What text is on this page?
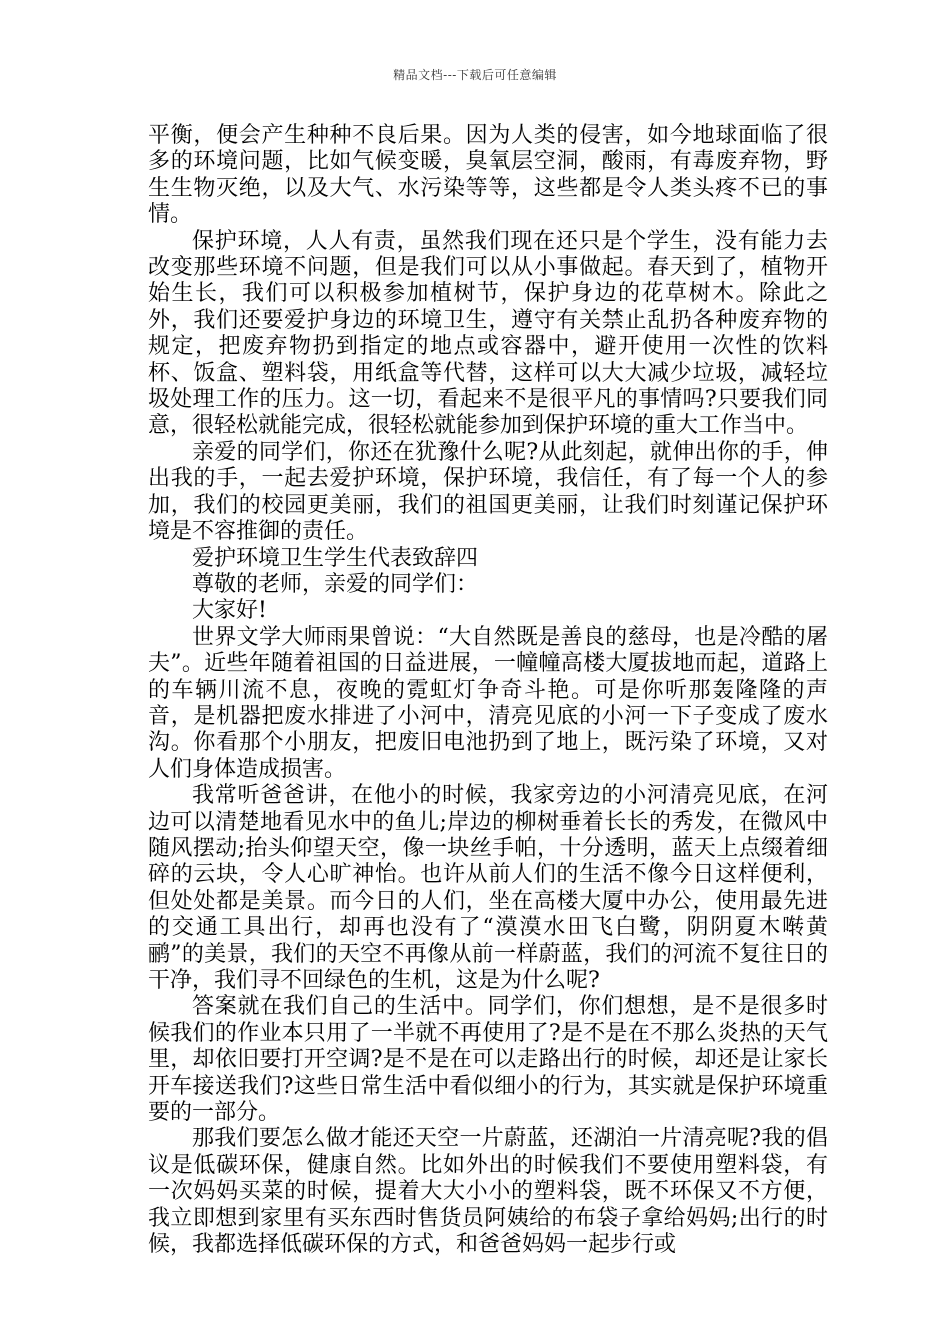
精品文档---下载后可任意编辑

平衡，便会产生种种不良后果。因为人类的侵害，如今地球面临了很多的环境问题，比如气候变暖，臭氧层空洞，酸雨，有毒废弃物，野生生物灭绝，以及大气、水污染等等，这些都是令人类头疼不已的事情。

保护环境，人人有责，虽然我们现在还只是个学生，没有能力去改变那些环境不问题，但是我们可以从小事做起。春天到了，植物开始生长，我们可以积极参加植树节，保护身边的花草树木。除此之外，我们还要爱护身边的环境卫生，遵守有关禁止乱扔各种废弃物的规定，把废弃物扔到指定的地点或容器中，避开使用一次性的饮料杯、饭盒、塑料袋，用纸盒等代替，这样可以大大减少垃圾，减轻垃圾处理工作的压力。这一切，看起来不是很平凡的事情吗?只要我们同意，很轻松就能完成，很轻松就能参加到保护环境的重大工作当中。

亲爱的同学们，你还在犹豫什么呢?从此刻起，就伸出你的手，伸出我的手，一起去爱护环境，保护环境，我信任，有了每一个人的参加，我们的校园更美丽，我们的祖国更美丽，让我们时刻谨记保护环境是不容推御的责任。

爱护环境卫生学生代表致辞四

尊敬的老师，亲爱的同学们：

大家好!

世界文学大师雨果曾说：“大自然既是善良的慈母，也是冷酷的屠夫”。近些年随着祖国的日益进展，一幢幢高楼大厦拔地而起，道路上的车辆川流不息，夜晚的霓虹灯争奇斗艳。可是你听那轰隆隆的声音，是机器把废水排进了小河中，清亮见底的小河一下子变成了废水沟。你看那个小朋友，把废旧电池扔到了地上，既污染了环境，又对人们身体造成损害。

我常听爸爸讲，在他小的时候，我家旁边的小河清亮见底，在河边可以清楚地看见水中的鱼儿;岸边的柳树垂着长长的秀发，在微风中随风摆动;抬头仰望天空，像一块丝手帕，十分透明，蓝天上点缀着细碎的云块，令人心旷神怡。也许从前人们的生活不像今日这样便利，但处处都是美景。而今日的人们，坐在高楼大厦中办公，使用最先进的交通工具出行，却再也没有了“漠漠水田飞白鹭，阴阴夏木啭黄鹂”的美景，我们的天空不再像从前一样蔚蓝，我们的河流不复往日的干净，我们寻不回绿色的生机，这是为什么呢?

答案就在我们自己的生活中。同学们，你们想想，是不是很多时候我们的作业本只用了一半就不再使用了?是不是在不那么炎热的天气里，却依旧要打开空调?是不是在可以走路出行的时候，却还是让家长开车接送我们?这些日常生活中看似细小的行为，其实就是保护环境重要的一部分。

那我们要怎么做才能还天空一片蔚蓝，还湖泊一片清亮呢?我的倡议是低碳环保，健康自然。比如外出的时候我们不要使用塑料袋，有一次妈妈买菜的时候，提着大大小小的塑料袋，既不环保又不方便，我立即想到家里有买东西时售货员阿姨给的布袋子拿给妈妈;出行的时候，我都选择低碳环保的方式，和爸爸妈妈一起步行或
